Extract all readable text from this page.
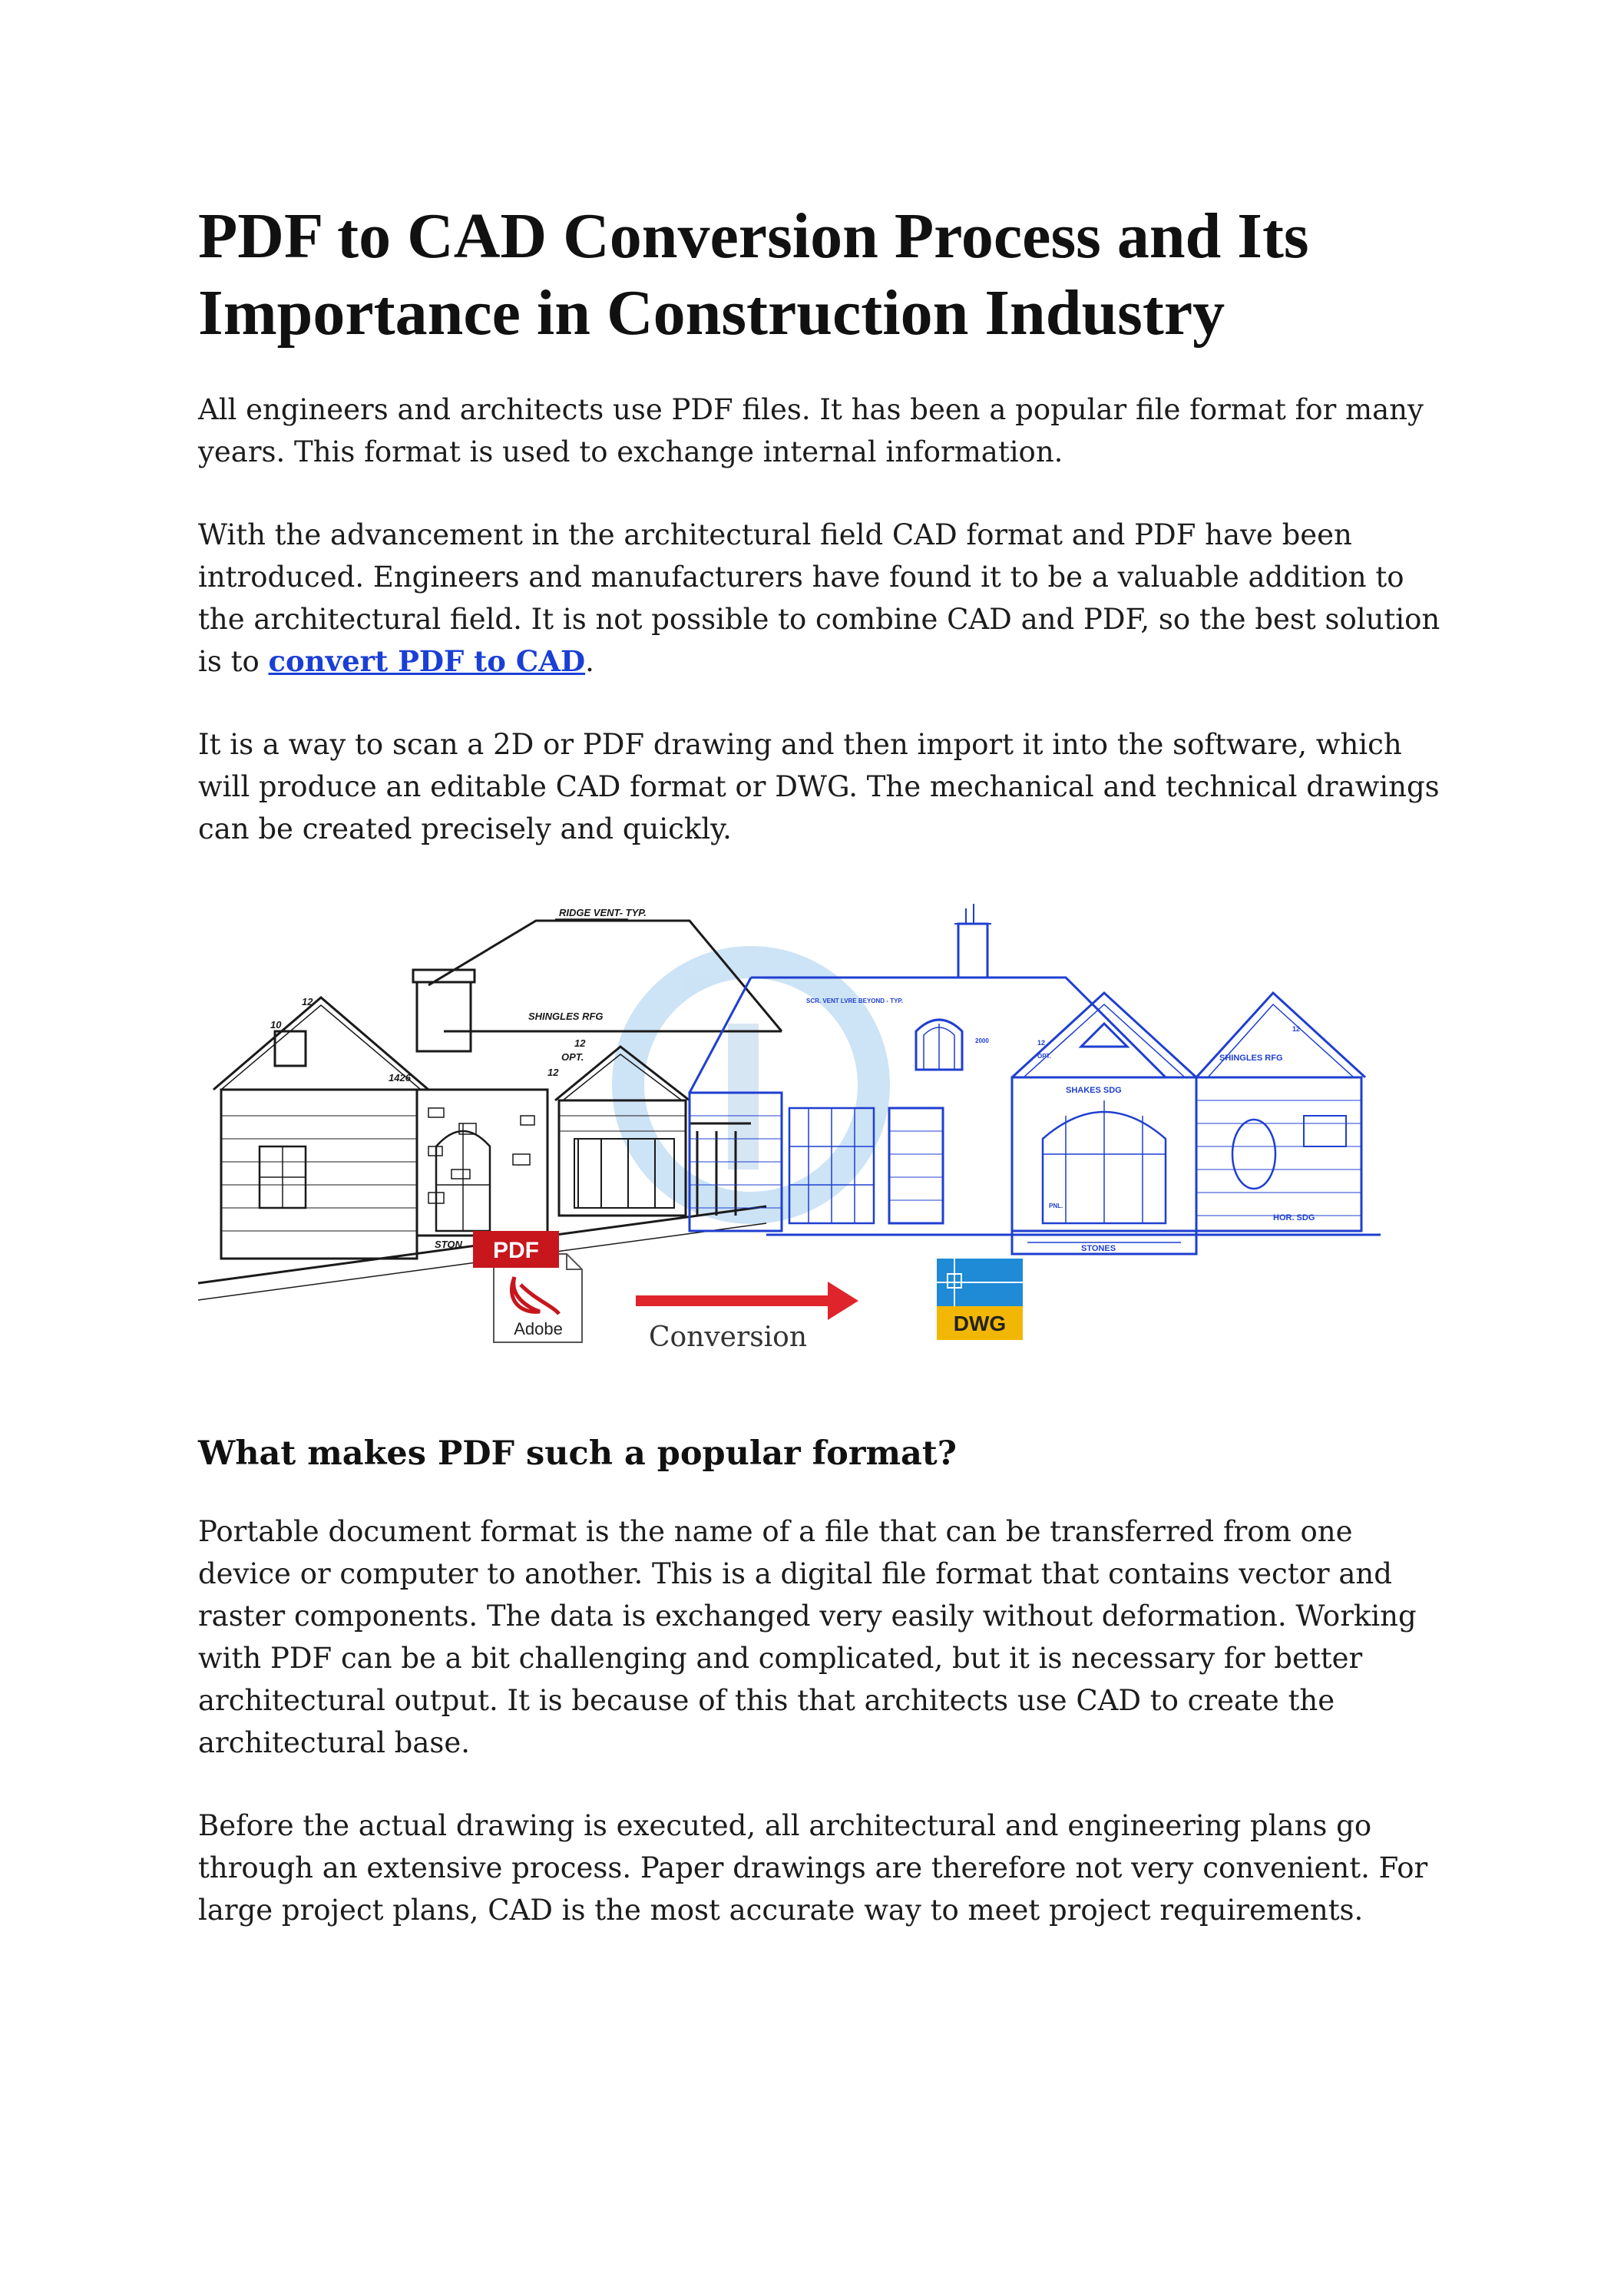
PDF to CAD Conversion Process and Its
Importance in Construction Industry

All engineers and architects use PDF files. It has been a popular file format for many years. This format is used to exchange internal information.

With the advancement in the architectural field CAD format and PDF have been introduced. Engineers and manufacturers have found it to be a valuable addition to the architectural field. It is not possible to combine CAD and PDF, so the best solution is to convert PDF to CAD.

It is a way to scan a 2D or PDF drawing and then import it into the software, which will produce an editable CAD format or DWG. The mechanical and technical drawings can be created precisely and quickly.

RIDGE VENT- TYP.
SHINGLES RFG
12
10
12
12
OPT.
1426
STON
SCR. VENT LVRE BEYOND - TYP.
SHINGLES RFG
SHAKES SDG
HOR. SDG
STONES
PNL.
12
12
OPT.
2000
PDF
Adobe	Conversion	DWG
What makes PDF such a popular format?

Portable document format is the name of a file that can be transferred from one device or computer to another. This is a digital file format that contains vector and raster components. The data is exchanged very easily without deformation. Working with PDF can be a bit challenging and complicated, but it is necessary for better architectural output. It is because of this that architects use CAD to create the architectural base.

Before the actual drawing is executed, all architectural and engineering plans go through an extensive process. Paper drawings are therefore not very convenient. For large project plans, CAD is the most accurate way to meet project requirements.
